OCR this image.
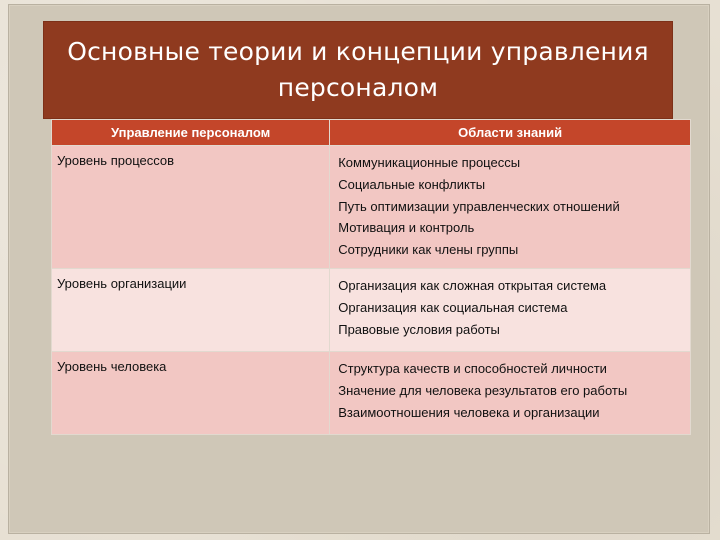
Основные теории и концепции управления
персоналом
Управление персоналом	Области знаний
Уровень процессов	Коммуникационные процессы
Социальные конфликты
Путь оптимизации управленческих отношений
Мотивация и контроль
Сотрудники как члены группы

Уровень организации	Организация как сложная открытая система
Организация как социальная система
Правовые условия работы

Уровень человека	Структура качеств и способностей личности
Значение для человека результатов его работы
Взаимоотношения человека и организации
